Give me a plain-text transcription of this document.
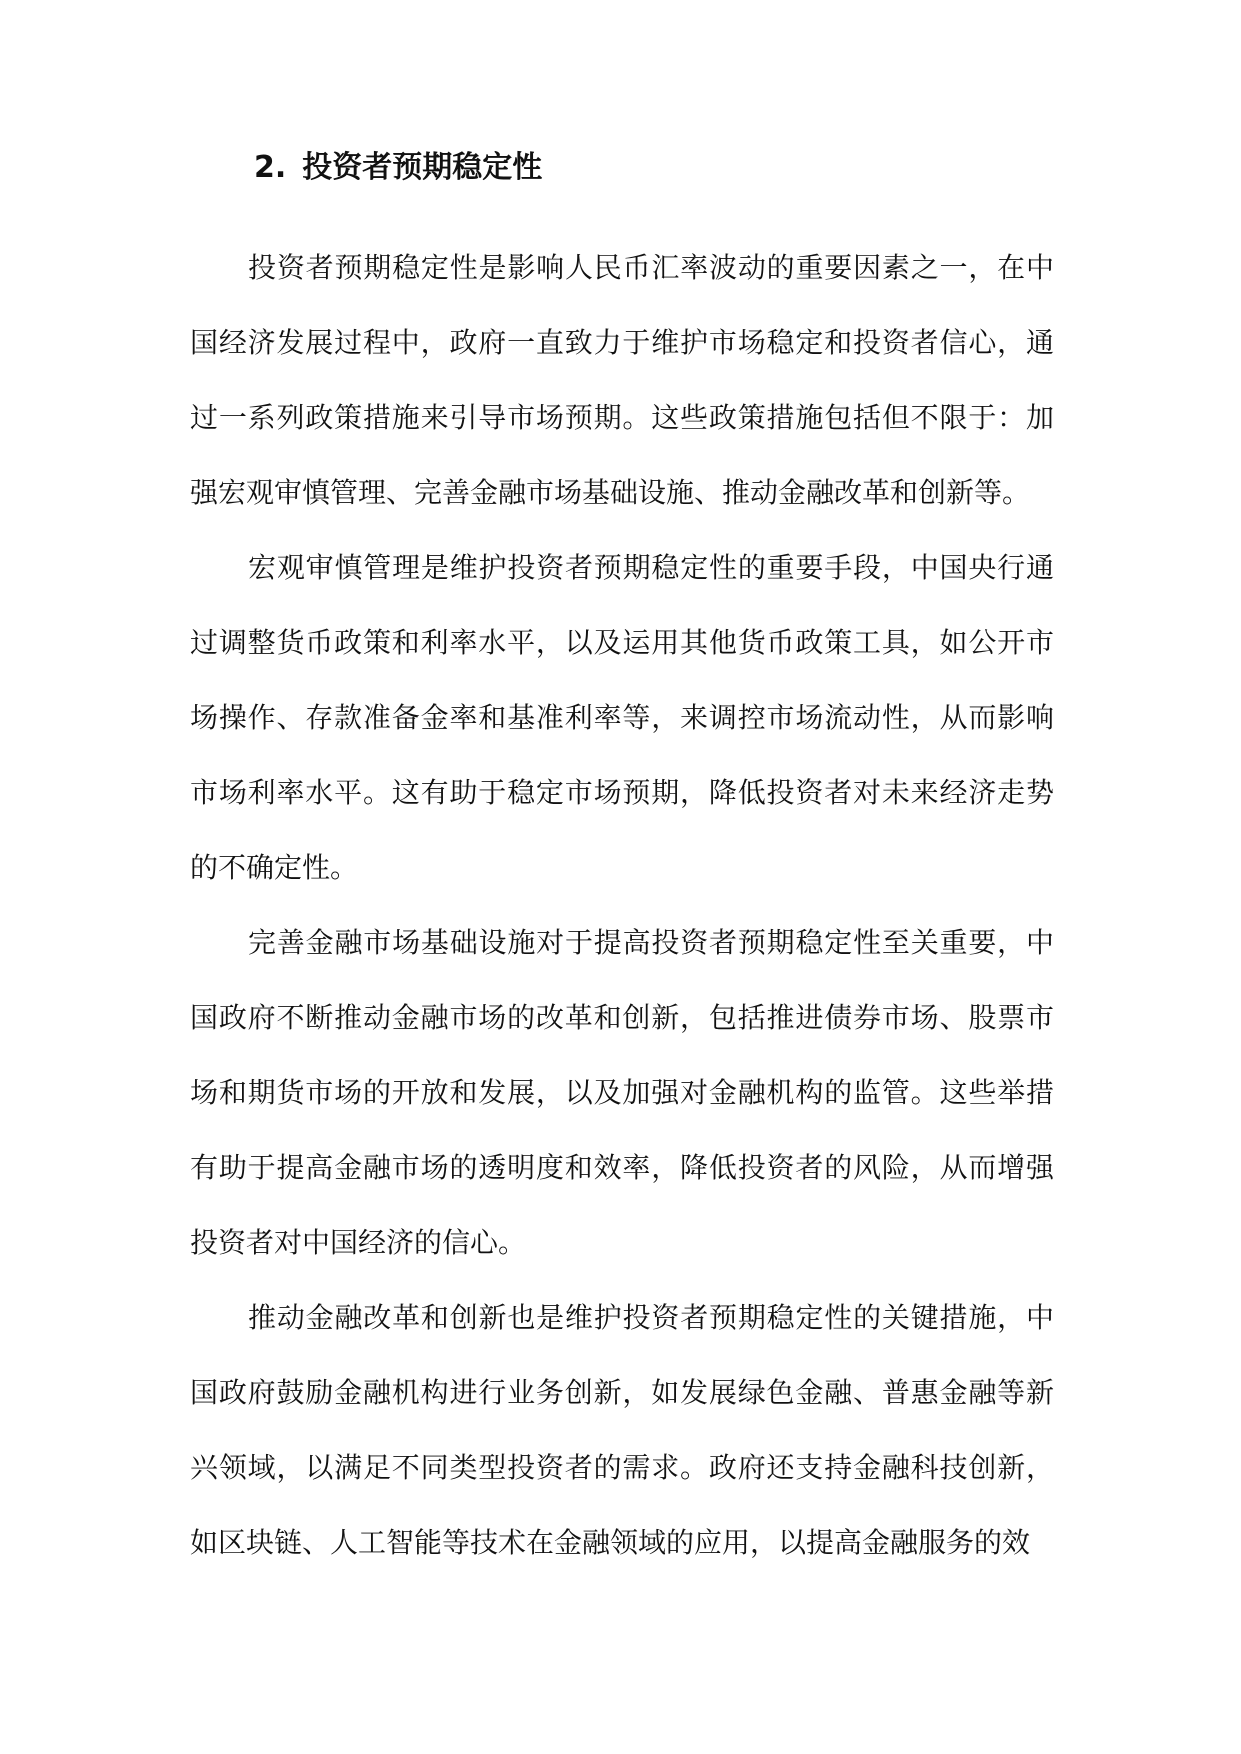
2. 投资者预期稳定性

投资者预期稳定性是影响人民币汇率波动的重要因素之一，在中国经济发展过程中，政府一直致力于维护市场稳定和投资者信心，通过一系列政策措施来引导市场预期。这些政策措施包括但不限于：加强宏观审慎管理、完善金融市场基础设施、推动金融改革和创新等。

宏观审慎管理是维护投资者预期稳定性的重要手段，中国央行通过调整货币政策和利率水平，以及运用其他货币政策工具，如公开市场操作、存款准备金率和基准利率等，来调控市场流动性，从而影响市场利率水平。这有助于稳定市场预期，降低投资者对未来经济走势的不确定性。

完善金融市场基础设施对于提高投资者预期稳定性至关重要，中国政府不断推动金融市场的改革和创新，包括推进债券市场、股票市场和期货市场的开放和发展，以及加强对金融机构的监管。这些举措有助于提高金融市场的透明度和效率，降低投资者的风险，从而增强投资者对中国经济的信心。

推动金融改革和创新也是维护投资者预期稳定性的关键措施，中国政府鼓励金融机构进行业务创新，如发展绿色金融、普惠金融等新兴领域，以满足不同类型投资者的需求。政府还支持金融科技创新，如区块链、人工智能等技术在金融领域的应用，以提高金融服务的效
